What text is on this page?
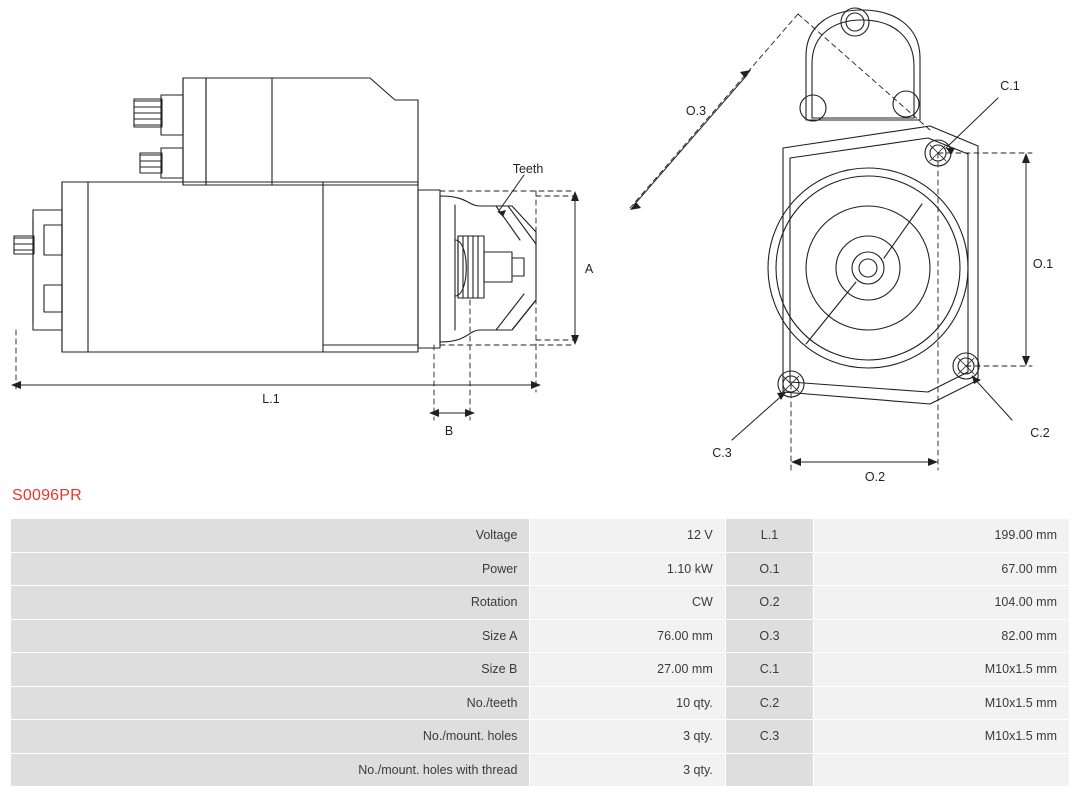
Teeth
A
B
L.1
O.1
O.2
O.3
C.1
C.2
C.3
S0096PR
Voltage	12 V	L.1	199.00 mm
Power	1.10 kW	O.1	67.00 mm
Rotation	CW	O.2	104.00 mm
Size A	76.00 mm	O.3	82.00 mm
Size B	27.00 mm	C.1	M10x1.5 mm
No./teeth	10 qty.	C.2	M10x1.5 mm
No./mount. holes	3 qty.	C.3	M10x1.5 mm
No./mount. holes with thread	3 qty.		
